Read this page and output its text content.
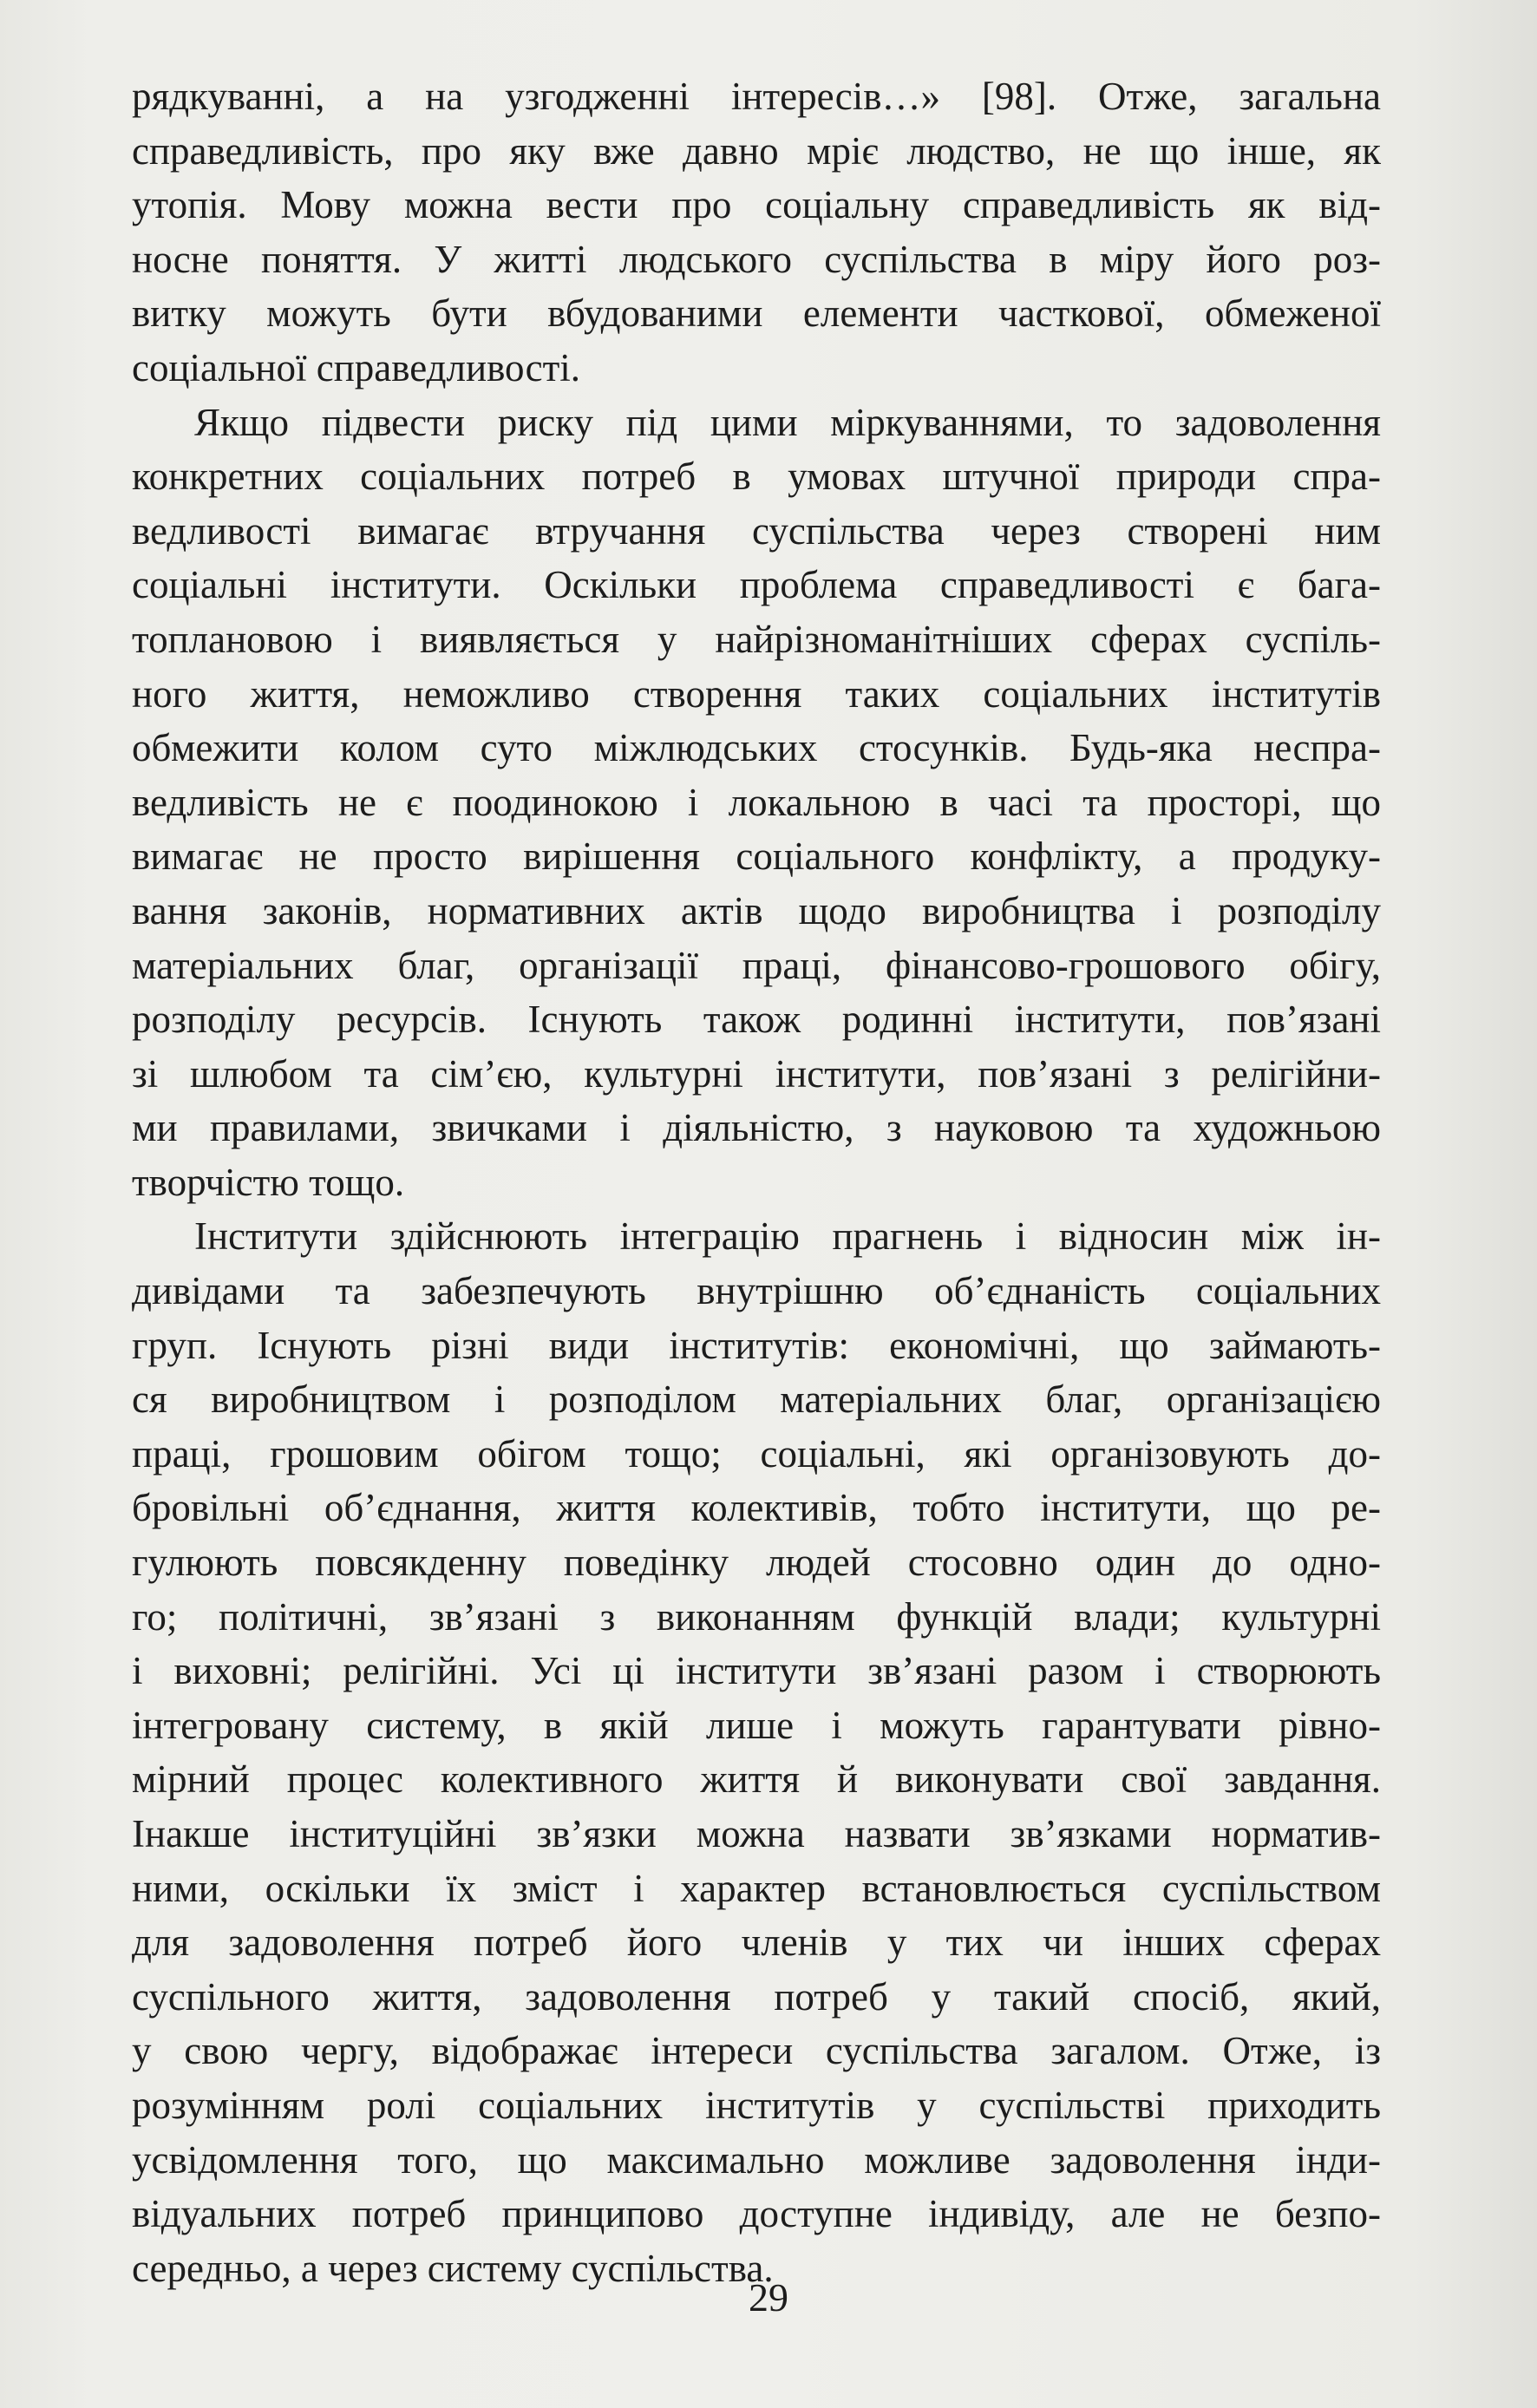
рядкуванні, а на узгодженні інтересів…» [98]. Отже, загальна
справедливість, про яку вже давно мріє людство, не що інше, як
утопія. Мову можна вести про соціальну справедливість як від-
носне поняття. У житті людського суспільства в міру його роз-
витку можуть бути вбудованими елементи часткової, обмеженої
соціальної справедливості.

Якщо підвести риску під цими міркуваннями, то задоволення
конкретних соціальних потреб в умовах штучної природи спра-
ведливості вимагає втручання суспільства через створені ним
соціальні інститути. Оскільки проблема справедливості є бага-
топлановою і виявляється у найрізноманітніших сферах суспіль-
ного життя, неможливо створення таких соціальних інститутів
обмежити колом суто міжлюдських стосунків. Будь-яка неспра-
ведливість не є поодинокою і локальною в часі та просторі, що
вимагає не просто вирішення соціального конфлікту, а продуку-
вання законів, нормативних актів щодо виробництва і розподілу
матеріальних благ, організації праці, фінансово-грошового обігу,
розподілу ресурсів. Існують також родинні інститути, пов’язані
зі шлюбом та сім’єю, культурні інститути, пов’язані з релігійни-
ми правилами, звичками і діяльністю, з науковою та художньою
творчістю тощо.

Інститути здійснюють інтеграцію прагнень і відносин між ін-
дивідами та забезпечують внутрішню об’єднаність соціальних
груп. Існують різні види інститутів: економічні, що займають-
ся виробництвом і розподілом матеріальних благ, організацією
праці, грошовим обігом тощо; соціальні, які організовують до-
бровільні об’єднання, життя колективів, тобто інститути, що ре-
гулюють повсякденну поведінку людей стосовно один до одно-
го; політичні, зв’язані з виконанням функцій влади; культурні
і виховні; релігійні. Усі ці інститути зв’язані разом і створюють
інтегровану систему, в якій лише і можуть гарантувати рівно-
мірний процес колективного життя й виконувати свої завдання.
Інакше інституційні зв’язки можна назвати зв’язками норматив-
ними, оскільки їх зміст і характер встановлюється суспільством
для задоволення потреб його членів у тих чи інших сферах
суспільного життя, задоволення потреб у такий спосіб, який,
у свою чергу, відображає інтереси суспільства загалом. Отже, із
розумінням ролі соціальних інститутів у суспільстві приходить
усвідомлення того, що максимально можливе задоволення інди-
відуальних потреб принципово доступне індивіду, але не безпо-
середньо, а через систему суспільства.

29
